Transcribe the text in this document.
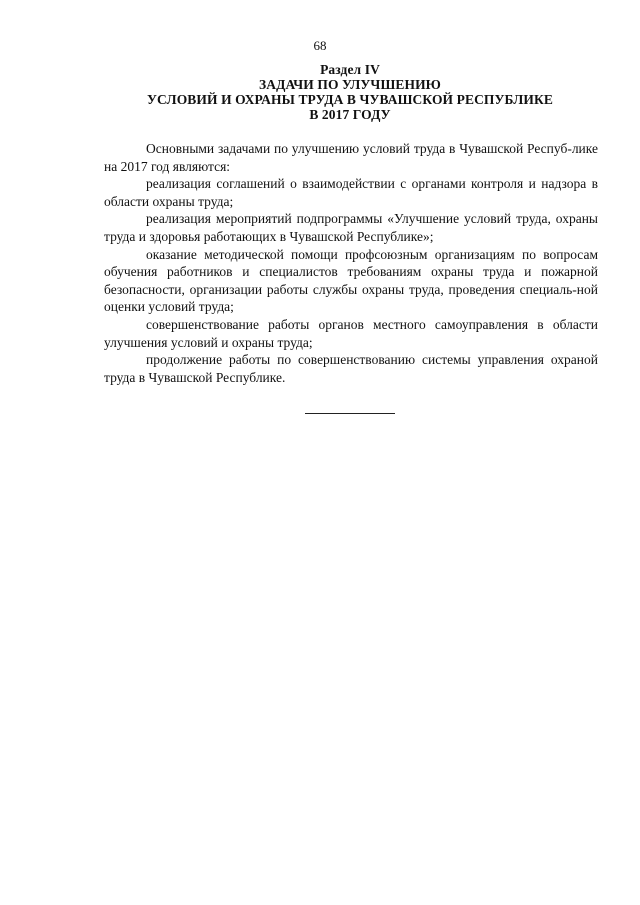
68
Раздел IV
ЗАДАЧИ ПО УЛУЧШЕНИЮ
УСЛОВИЙ И ОХРАНЫ ТРУДА В ЧУВАШСКОЙ РЕСПУБЛИКЕ
В 2017 ГОДУ

Основными задачами по улучшению условий труда в Чувашской Респуб-лике на 2017 год являются:

реализация соглашений о взаимодействии с органами контроля и надзора в области охраны труда;

реализация мероприятий подпрограммы «Улучшение условий труда, охраны труда и здоровья работающих в Чувашской Республике»;

оказание методической помощи профсоюзным организациям по вопросам обучения работников и специалистов требованиям охраны труда и пожарной безопасности, организации работы службы охраны труда, проведения специаль-ной оценки условий труда;

совершенствование работы органов местного самоуправления в области улучшения условий и охраны труда;

продолжение работы по совершенствованию системы управления охраной труда в Чувашской Республике.
